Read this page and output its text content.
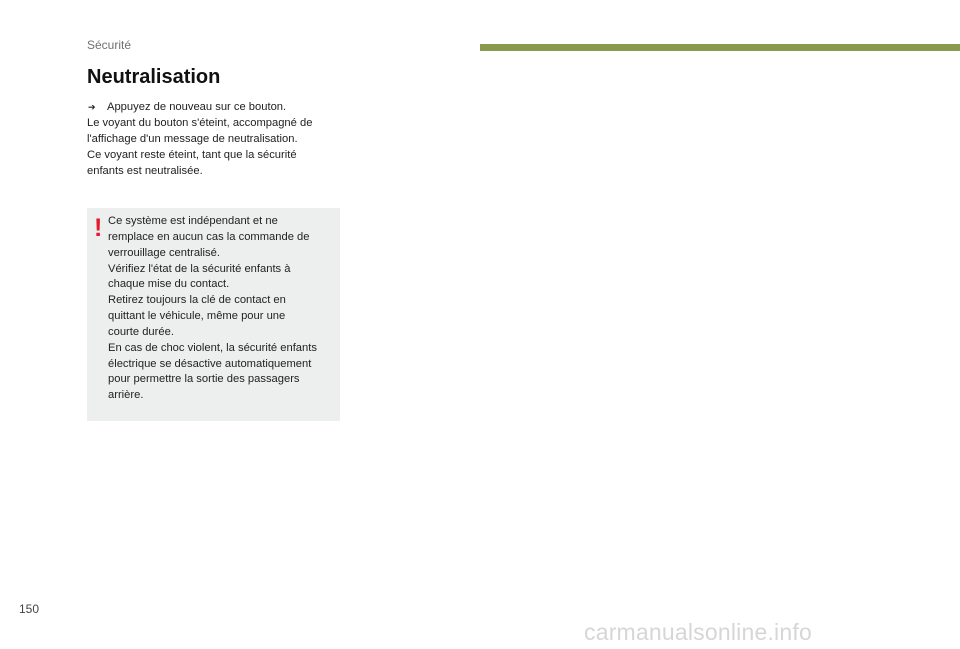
Sécurité
Neutralisation

➔ Appuyez de nouveau sur ce bouton.

Le voyant du bouton s'éteint, accompagné de

l'affichage d'un message de neutralisation.

Ce voyant reste éteint, tant que la sécurité

enfants est neutralisée.

! Ce système est indépendant et ne

remplace en aucun cas la commande de

verrouillage centralisé.

Vérifiez l'état de la sécurité enfants à

chaque mise du contact.

Retirez toujours la clé de contact en

quittant le véhicule, même pour une

courte durée.

En cas de choc violent, la sécurité enfants

électrique se désactive automatiquement

pour permettre la sortie des passagers

arrière.

150
carmanualsonline.info
